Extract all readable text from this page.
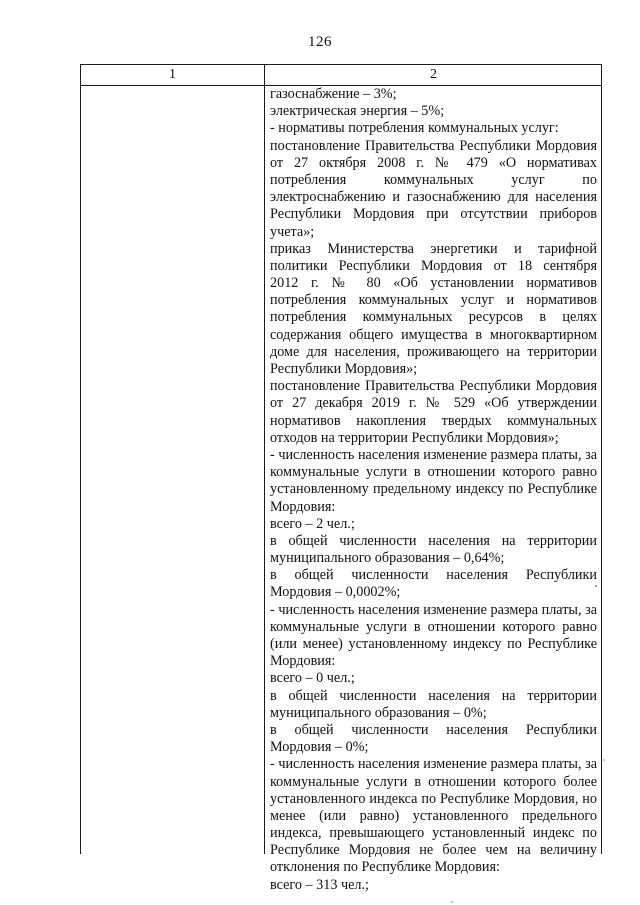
126
1	2
газоснабжение – 3%;
электрическая энергия – 5%;
- нормативы потребления коммунальных услуг:
постановление Правительства Республики Мордовия
от 27 октября 2008 г. № 479 «О нормативах
потребления коммунальных услуг по
электроснабжению и газоснабжению для населения
Республики Мордовия при отсутствии приборов
учета»;
приказ Министерства энергетики и тарифной
политики Республики Мордовия от 18 сентября
2012 г. № 80 «Об установлении нормативов
потребления коммунальных услуг и нормативов
потребления коммунальных ресурсов в целях
содержания общего имущества в многоквартирном
доме для населения, проживающего на территории
Республики Мордовия»;
постановление Правительства Республики Мордовия
от 27 декабря 2019 г. № 529 «Об утверждении
нормативов накопления твердых коммунальных
отходов на территории Республики Мордовия»;
- численность населения изменение размера платы, за
коммунальные услуги в отношении которого равно
установленному предельному индексу по Республике
Мордовия:
всего – 2 чел.;
в общей численности населения на территории
муниципального образования – 0,64%;
в общей численности населения Республики
Мордовия – 0,0002%;
- численность населения изменение размера платы, за
коммунальные услуги в отношении которого равно
(или менее) установленному индексу по Республике
Мордовия:
всего – 0 чел.;
в общей численности населения на территории
муниципального образования – 0%;
в общей численности населения Республики
Мордовия – 0%;
- численность населения изменение размера платы, за
коммунальные услуги в отношении которого более
установленного индекса по Республике Мордовия, но
менее (или равно) установленного предельного
индекса, превышающего установленный индекс по
Республике Мордовия не более чем на величину
отклонения по Республике Мордовия:
всего – 313 чел.;
